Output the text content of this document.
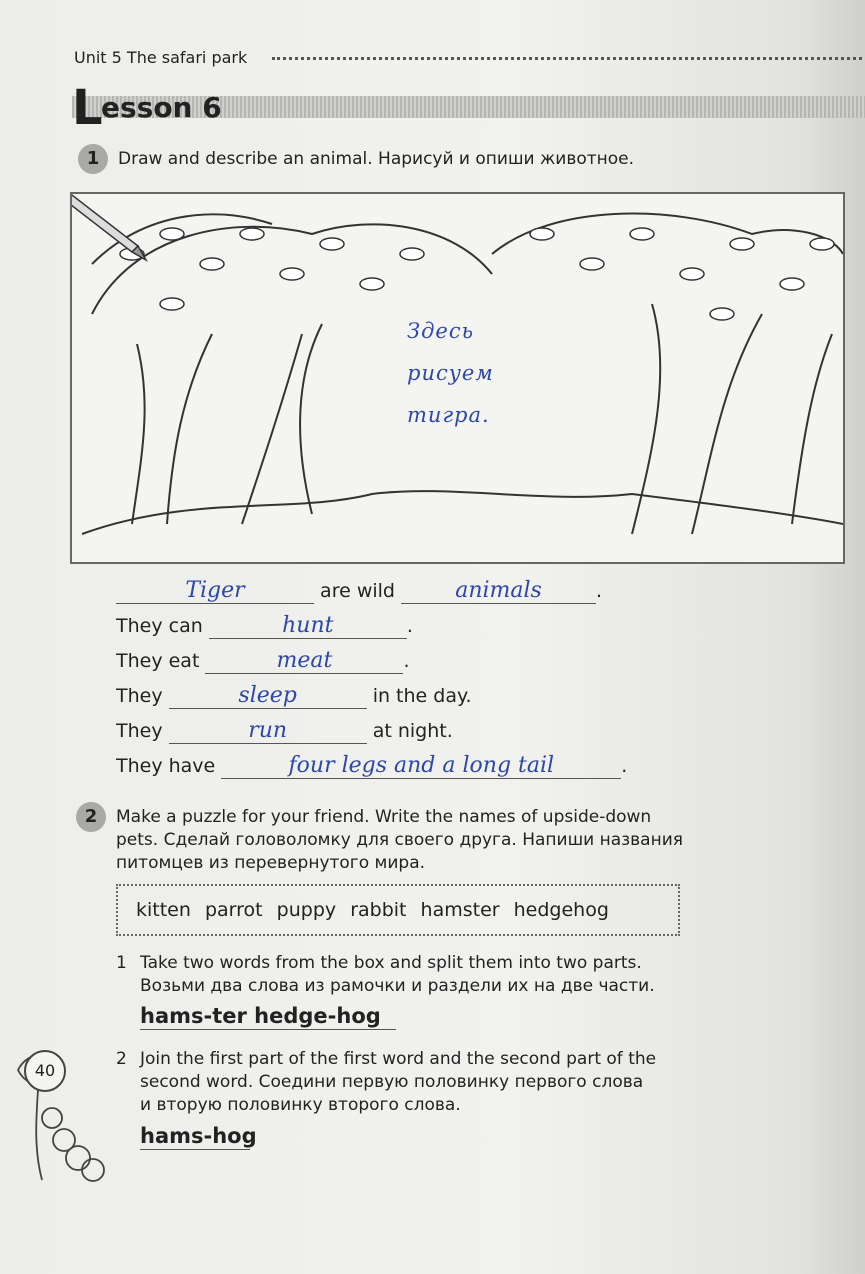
Unit 5 The safari park
L
esson 6
1	Draw and describe an animal. Нарисуй и опиши животное.
Здесь
рисуем
тигра.
Tiger	are wild	animals	.
They can	hunt	.
They eat	meat	.
They	sleep	in the day.
They	run	at night.
They have	four legs and a long tail	.
2	Make a puzzle for your friend. Write the names of upside-down
pets. Сделай головоломку для своего друга. Напиши названия
питомцев из перевернутого мира.
kitten parrot puppy rabbit hamster hedgehog
1 Take two words from the box and split them into two parts.
Возьми два слова из рамочки и раздели их на две части.
hams-ter hedge-hog
2 Join the first part of the first word and the second part of the
second word. Соедини первую половинку первого слова
и вторую половинку второго слова.
hams-hog
40
